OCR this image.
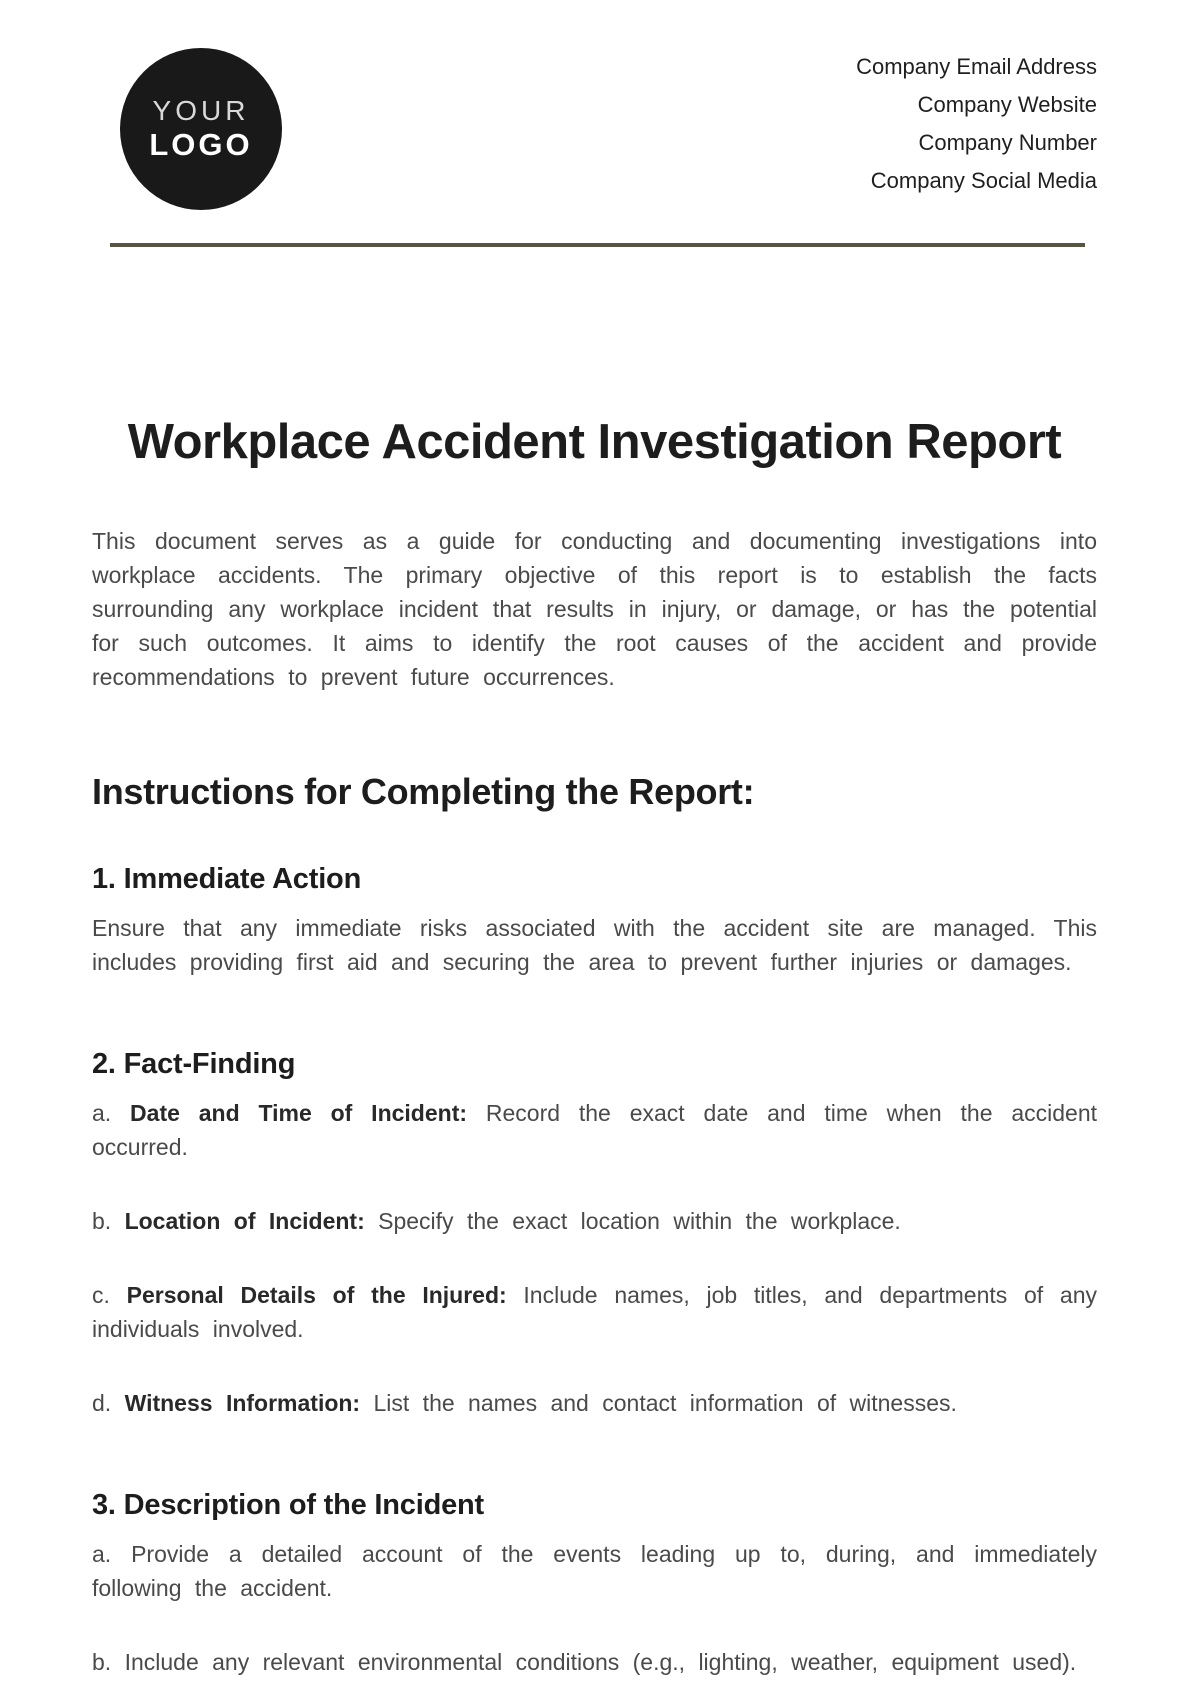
YOUR
LOGO
Company Email Address
Company Website
Company Number
Company Social Media
Workplace Accident Investigation Report

This document serves as a guide for conducting and documenting investigations into workplace accidents. The primary objective of this report is to establish the facts surrounding any workplace incident that results in injury, or damage, or has the potential for such outcomes. It aims to identify the root causes of the accident and provide recommendations to prevent future occurrences.

Instructions for Completing the Report:
1. Immediate Action

Ensure that any immediate risks associated with the accident site are managed. This includes providing first aid and securing the area to prevent further injuries or damages.

2. Fact-Finding

a. Date and Time of Incident: Record the exact date and time when the accident occurred.

b. Location of Incident: Specify the exact location within the workplace.

c. Personal Details of the Injured: Include names, job titles, and departments of any individuals involved.

d. Witness Information: List the names and contact information of witnesses.

3. Description of the Incident

a. Provide a detailed account of the events leading up to, during, and immediately following the accident.

b. Include any relevant environmental conditions (e.g., lighting, weather, equipment used).
